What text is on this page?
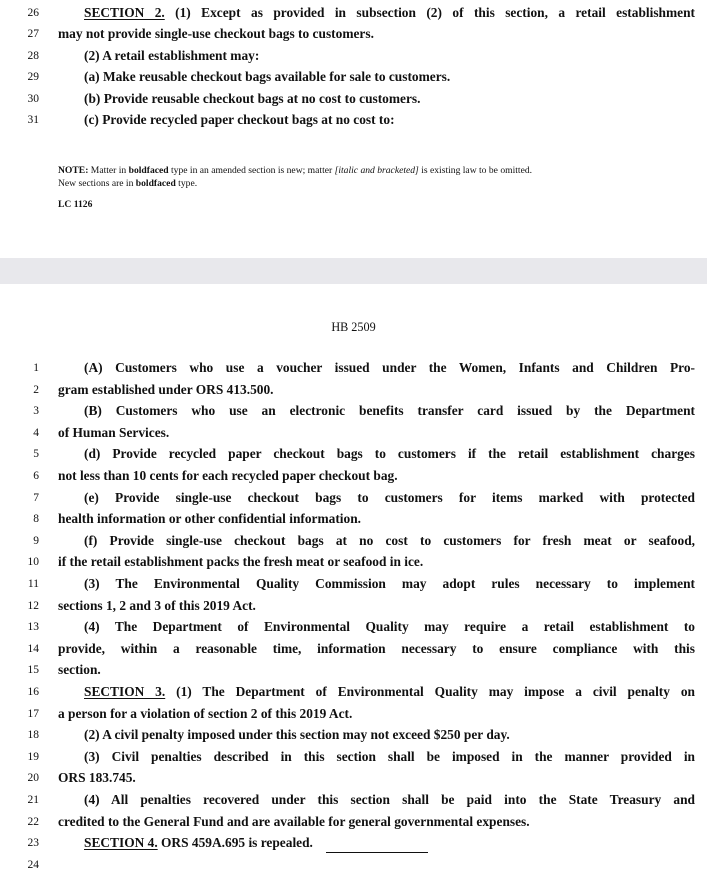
26	SECTION 2. (1) Except as provided in subsection (2) of this section, a retail establishment
27 may not provide single-use checkout bags to customers.
28	(2) A retail establishment may:
29	(a) Make reusable checkout bags available for sale to customers.
30	(b) Provide reusable checkout bags at no cost to customers.
31	(c) Provide recycled paper checkout bags at no cost to:
NOTE: Matter in boldfaced type in an amended section is new; matter [italic and bracketed] is existing law to be omitted.
New sections are in boldfaced type.
LC 1126
HB 2509
1	(A) Customers who use a voucher issued under the Women, Infants and Children Pro-
2 gram established under ORS 413.500.
3	(B) Customers who use an electronic benefits transfer card issued by the Department
4 of Human Services.
5	(d) Provide recycled paper checkout bags to customers if the retail establishment charges
6 not less than 10 cents for each recycled paper checkout bag.
7	(e) Provide single-use checkout bags to customers for items marked with protected
8 health information or other confidential information.
9	(f) Provide single-use checkout bags at no cost to customers for fresh meat or seafood,
10 if the retail establishment packs the fresh meat or seafood in ice.
11	(3) The Environmental Quality Commission may adopt rules necessary to implement
12 sections 1, 2 and 3 of this 2019 Act.
13	(4) The Department of Environmental Quality may require a retail establishment to
14 provide, within a reasonable time, information necessary to ensure compliance with this
15 section.
16	SECTION 3. (1) The Department of Environmental Quality may impose a civil penalty on
17 a person for a violation of section 2 of this 2019 Act.
18	(2) A civil penalty imposed under this section may not exceed $250 per day.
19	(3) Civil penalties described in this section shall be imposed in the manner provided in
20 ORS 183.745.
21	(4) All penalties recovered under this section shall be paid into the State Treasury and
22 credited to the General Fund and are available for general governmental expenses.
23	SECTION 4. ORS 459A.695 is repealed.
24
